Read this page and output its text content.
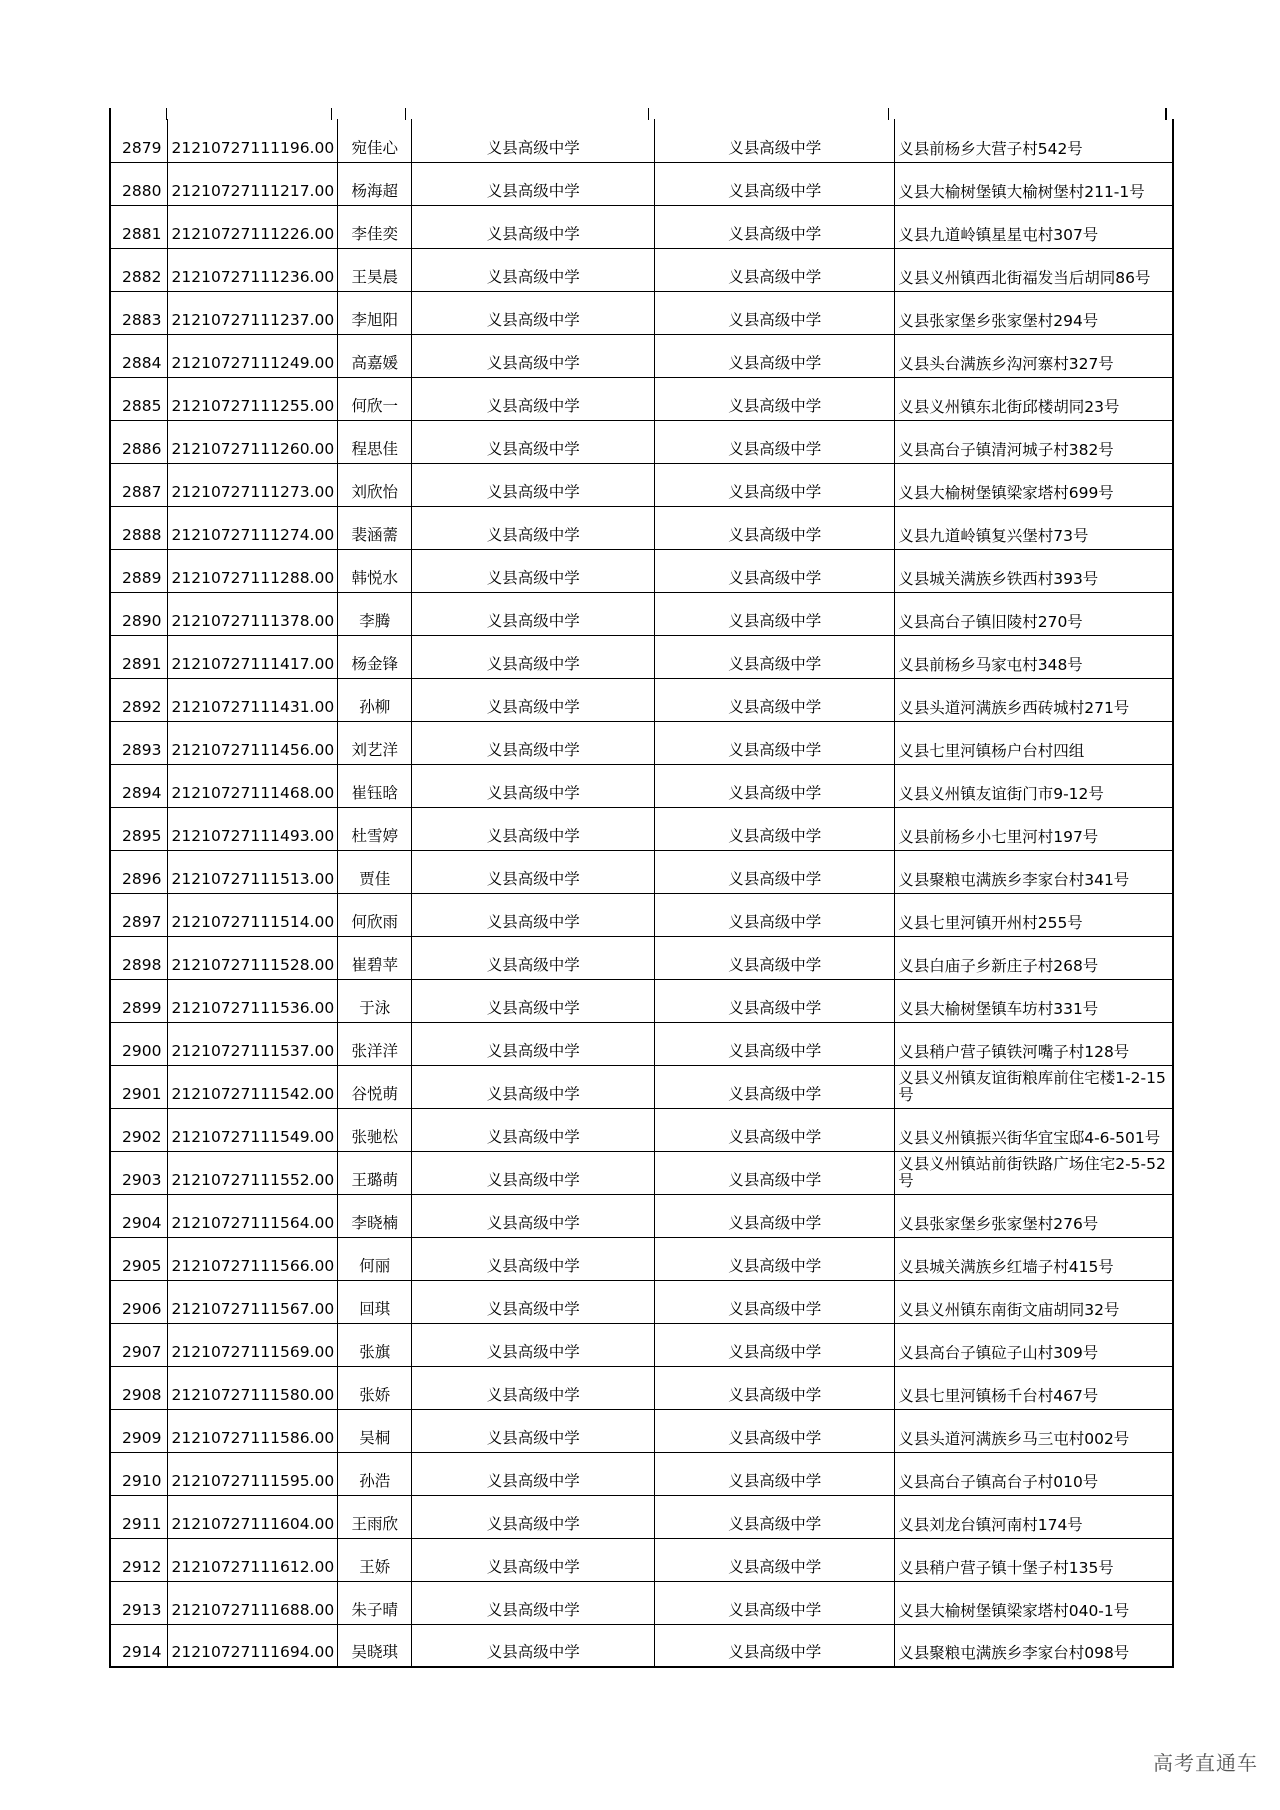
2879	21210727111196.00	宛佳心	义县高级中学	义县高级中学	义县前杨乡大营子村542号
2880	21210727111217.00	杨海超	义县高级中学	义县高级中学	义县大榆树堡镇大榆树堡村211-1号
2881	21210727111226.00	李佳奕	义县高级中学	义县高级中学	义县九道岭镇星星屯村307号
2882	21210727111236.00	王昊晨	义县高级中学	义县高级中学	义县义州镇西北街福发当后胡同86号
2883	21210727111237.00	李旭阳	义县高级中学	义县高级中学	义县张家堡乡张家堡村294号
2884	21210727111249.00	高嘉媛	义县高级中学	义县高级中学	义县头台满族乡沟河寨村327号
2885	21210727111255.00	何欣一	义县高级中学	义县高级中学	义县义州镇东北街邱楼胡同23号
2886	21210727111260.00	程思佳	义县高级中学	义县高级中学	义县高台子镇清河城子村382号
2887	21210727111273.00	刘欣怡	义县高级中学	义县高级中学	义县大榆树堡镇梁家塔村699号
2888	21210727111274.00	裴涵薷	义县高级中学	义县高级中学	义县九道岭镇复兴堡村73号
2889	21210727111288.00	韩悦水	义县高级中学	义县高级中学	义县城关满族乡铁西村393号
2890	21210727111378.00	李腾	义县高级中学	义县高级中学	义县高台子镇旧陵村270号
2891	21210727111417.00	杨金锋	义县高级中学	义县高级中学	义县前杨乡马家屯村348号
2892	21210727111431.00	孙柳	义县高级中学	义县高级中学	义县头道河满族乡西砖城村271号
2893	21210727111456.00	刘艺洋	义县高级中学	义县高级中学	义县七里河镇杨户台村四组
2894	21210727111468.00	崔钰晗	义县高级中学	义县高级中学	义县义州镇友谊街门市9-12号
2895	21210727111493.00	杜雪婷	义县高级中学	义县高级中学	义县前杨乡小七里河村197号
2896	21210727111513.00	贾佳	义县高级中学	义县高级中学	义县聚粮屯满族乡李家台村341号
2897	21210727111514.00	何欣雨	义县高级中学	义县高级中学	义县七里河镇开州村255号
2898	21210727111528.00	崔碧苹	义县高级中学	义县高级中学	义县白庙子乡新庄子村268号
2899	21210727111536.00	于泳	义县高级中学	义县高级中学	义县大榆树堡镇车坊村331号
2900	21210727111537.00	张洋洋	义县高级中学	义县高级中学	义县稍户营子镇铁河嘴子村128号
2901	21210727111542.00	谷悦萌	义县高级中学	义县高级中学	义县义州镇友谊街粮库前住宅楼1-2-15号
2902	21210727111549.00	张驰松	义县高级中学	义县高级中学	义县义州镇振兴街华宜宝邸4-6-501号
2903	21210727111552.00	王璐萌	义县高级中学	义县高级中学	义县义州镇站前街铁路广场住宅2-5-52号
2904	21210727111564.00	李晓楠	义县高级中学	义县高级中学	义县张家堡乡张家堡村276号
2905	21210727111566.00	何丽	义县高级中学	义县高级中学	义县城关满族乡红墙子村415号
2906	21210727111567.00	回琪	义县高级中学	义县高级中学	义县义州镇东南街文庙胡同32号
2907	21210727111569.00	张旗	义县高级中学	义县高级中学	义县高台子镇砬子山村309号
2908	21210727111580.00	张娇	义县高级中学	义县高级中学	义县七里河镇杨千台村467号
2909	21210727111586.00	吴桐	义县高级中学	义县高级中学	义县头道河满族乡马三屯村002号
2910	21210727111595.00	孙浩	义县高级中学	义县高级中学	义县高台子镇高台子村010号
2911	21210727111604.00	王雨欣	义县高级中学	义县高级中学	义县刘龙台镇河南村174号
2912	21210727111612.00	王娇	义县高级中学	义县高级中学	义县稍户营子镇十堡子村135号
2913	21210727111688.00	朱子晴	义县高级中学	义县高级中学	义县大榆树堡镇梁家塔村040-1号
2914	21210727111694.00	吴晓琪	义县高级中学	义县高级中学	义县聚粮屯满族乡李家台村098号
高考直通车
